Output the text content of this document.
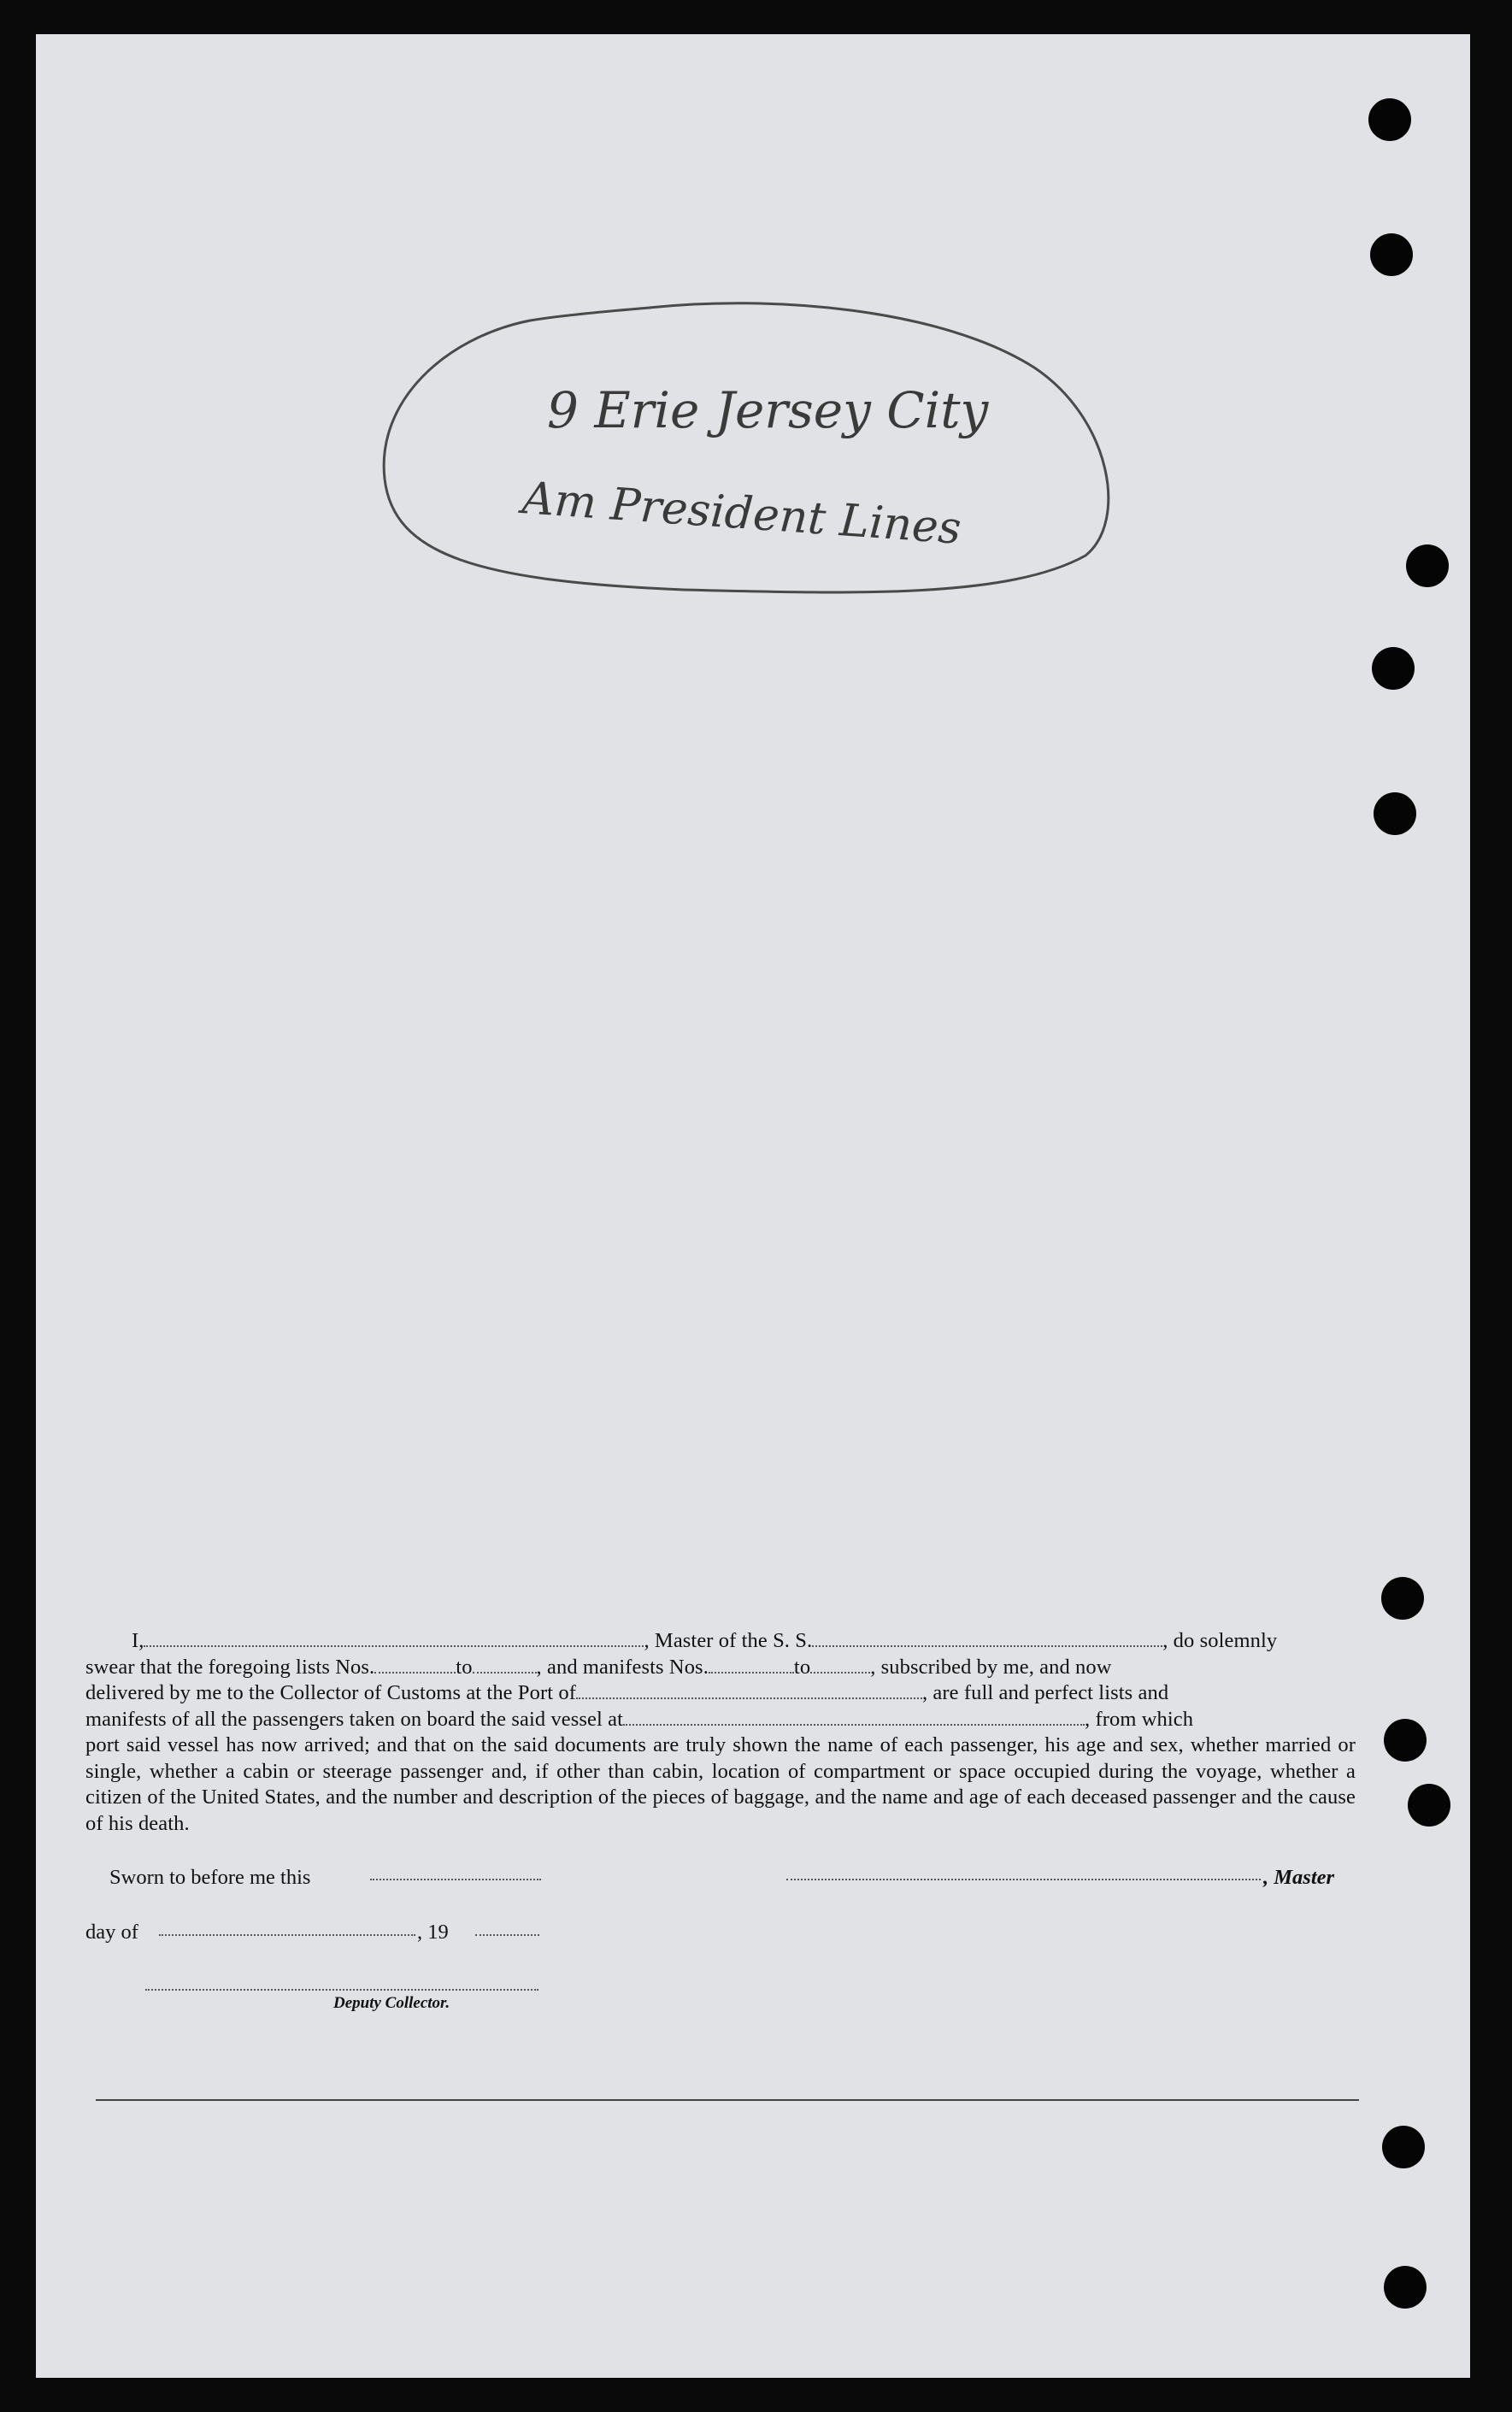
9 Erie Jersey City
Am President Lines
I,	, Master of the S. S.	, do solemnly
swear that the foregoing lists Nos.	to	, and manifests Nos.	to	, subscribed by me, and now
delivered by me to the Collector of Customs at the Port of	, are full and perfect lists and
manifests of all the passengers taken on board the said vessel at	, from which
port said vessel has now arrived; and that on the said documents are truly shown the name of each passenger, his age and sex, whether married or single, whether a cabin or steerage passenger and, if other than cabin, location of compartment or space occupied during the voyage, whether a citizen of the United States, and the number and description of the pieces of baggage, and the name and age of each deceased passenger and the cause of his death.
Sworn to before me this	, Master
day of	, 19
Deputy Collector.
